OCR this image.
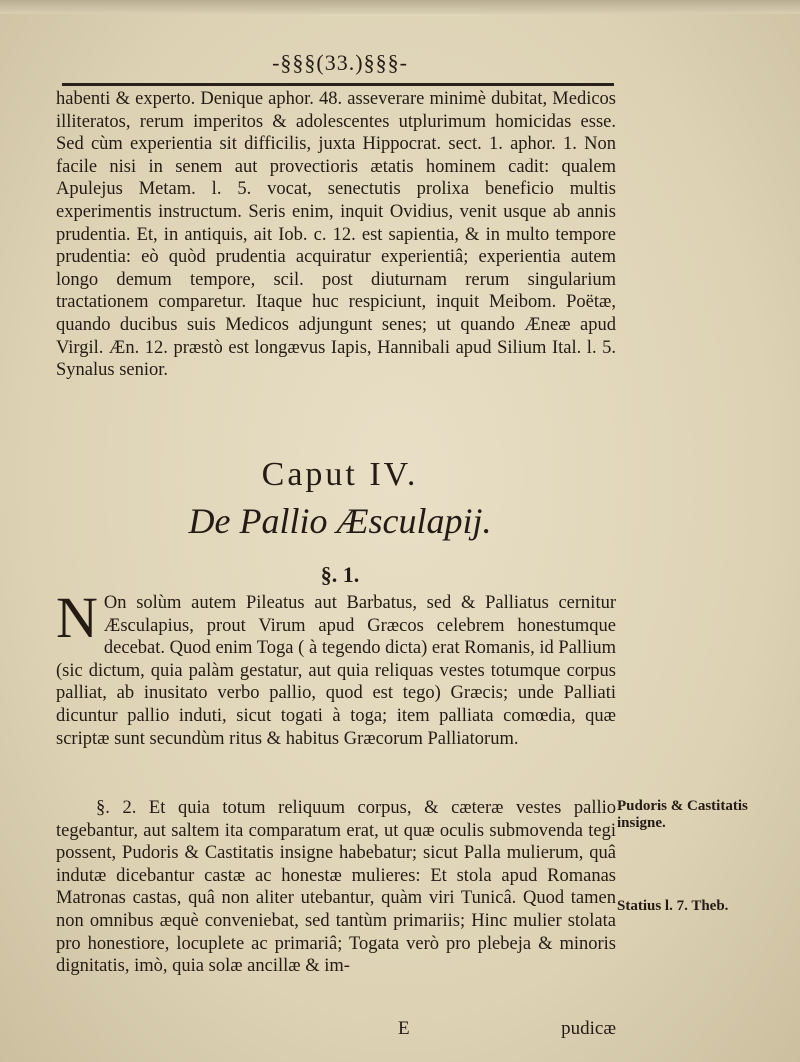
-§§§(33.)§§§-

habenti & experto. Denique aphor. 48. asseverare minimè dubitat, Medicos illiteratos, rerum imperitos & adolescentes utplurimum homicidas esse. Sed cùm experientia sit difficilis, juxta Hippocrat. sect. 1. aphor. 1. Non facile nisi in senem aut provectioris ætatis hominem cadit: qualem Apulejus Metam. l. 5. vocat, senectutis prolixa beneficio multis experimentis instructum. Seris enim, inquit Ovidius, venit usque ab annis prudentia. Et, in antiquis, ait Iob. c. 12. est sapientia, & in multo tempore prudentia: eò quòd prudentia acquiratur experientiâ; experientia autem longo demum tempore, scil. post diuturnam rerum singularium tractationem comparetur. Itaque huc respiciunt, inquit Meibom. Poëtæ, quando ducibus suis Medicos adjungunt senes; ut quando Æneæ apud Virgil. Æn. 12. præstò est longævus Iapis, Hannibali apud Silium Ital. l. 5. Synalus senior.

Caput IV.
De Pallio Æsculapij.
§. 1.
N On solùm autem Pileatus aut Barbatus, sed & Palliatus cernitur Æsculapius, prout Virum apud Græcos celebrem honestumque decebat. Quod enim Toga ( à tegendo dicta) erat Romanis, id Pallium (sic dictum, quia palàm gestatur, aut quia reliquas vestes totumque corpus palliat, ab inusitato verbo pallio, quod est tego) Græcis; unde Palliati dicuntur pallio induti, sicut togati à toga; item palliata comœdia, quæ scriptæ sunt secundùm ritus & habitus Græcorum Palliatorum.

§. 2. Et quia totum reliquum corpus, & cæteræ vestes pallio tegebantur, aut saltem ita comparatum erat, ut quæ oculis submovenda tegi possent, Pudoris & Castitatis insigne habebatur; sicut Palla mulierum, quâ indutæ dicebantur castæ ac honestæ mulieres: Et stola apud Romanas Matronas castas, quâ non aliter utebantur, quàm viri Tunicâ. Quod tamen non omnibus æquè conveniebat, sed tantùm primariis; Hinc mulier stolata pro honestiore, locuplete ac primariâ; Togata verò pro plebeja & minoris dignitatis, imò, quia solæ ancillæ & im-

Pudoris & Castitatis insigne.
Statius l. 7. Theb.
E	pudicæ
